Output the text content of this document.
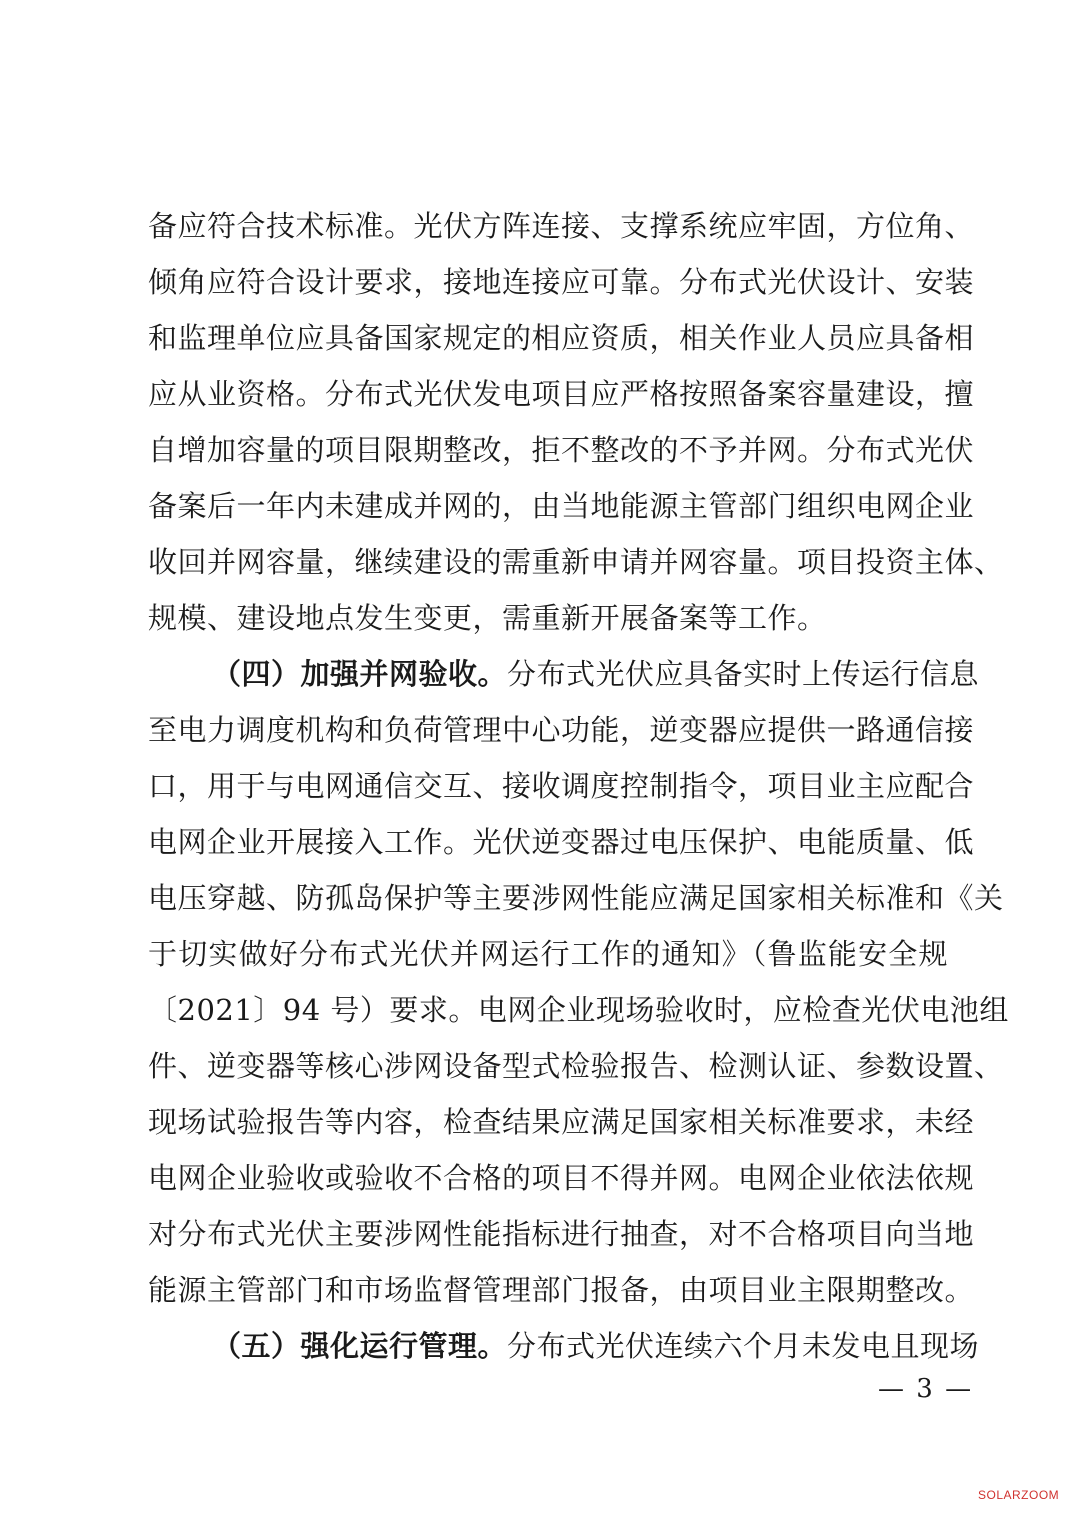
备应符合技术标准。光伏方阵连接、支撑系统应牢固，方位角、
倾角应符合设计要求，接地连接应可靠。分布式光伏设计、安装
和监理单位应具备国家规定的相应资质，相关作业人员应具备相
应从业资格。分布式光伏发电项目应严格按照备案容量建设，擅
自增加容量的项目限期整改，拒不整改的不予并网。分布式光伏
备案后一年内未建成并网的，由当地能源主管部门组织电网企业
收回并网容量，继续建设的需重新申请并网容量。项目投资主体、
规模、建设地点发生变更，需重新开展备案等工作。
（四）加强并网验收。分布式光伏应具备实时上传运行信息
至电力调度机构和负荷管理中心功能，逆变器应提供一路通信接
口，用于与电网通信交互、接收调度控制指令，项目业主应配合
电网企业开展接入工作。光伏逆变器过电压保护、电能质量、低
电压穿越、防孤岛保护等主要涉网性能应满足国家相关标准和《关
于切实做好分布式光伏并网运行工作的通知》（鲁监能安全规
〔2021〕94 号）要求。电网企业现场验收时，应检查光伏电池组
件、逆变器等核心涉网设备型式检验报告、检测认证、参数设置、
现场试验报告等内容，检查结果应满足国家相关标准要求，未经
电网企业验收或验收不合格的项目不得并网。电网企业依法依规
对分布式光伏主要涉网性能指标进行抽查，对不合格项目向当地
能源主管部门和市场监督管理部门报备，由项目业主限期整改。
（五）强化运行管理。分布式光伏连续六个月未发电且现场
— 3 —
SOLARZOOM
